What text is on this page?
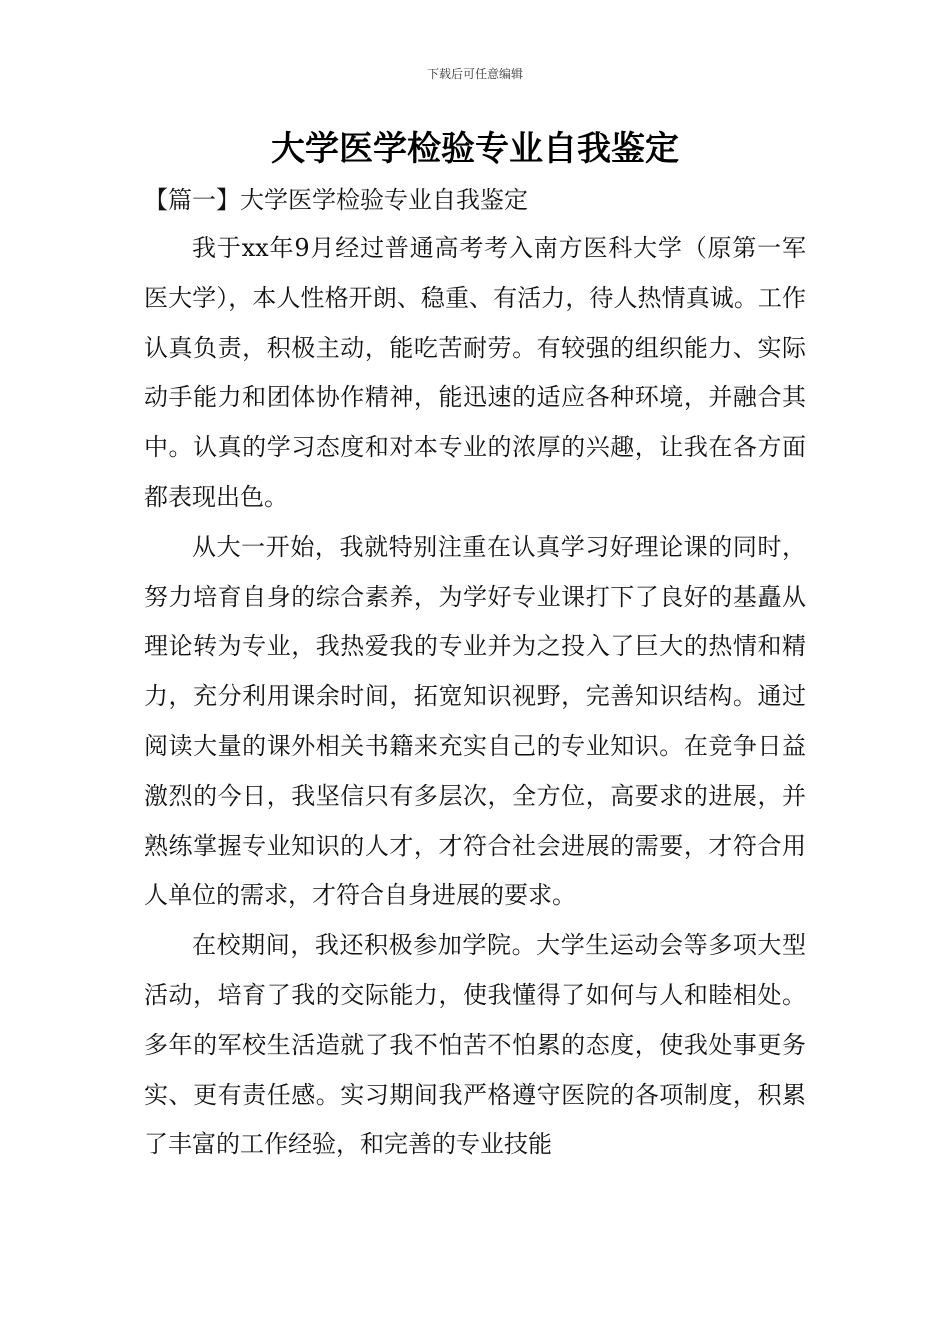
下载后可任意编辑
大学医学检验专业自我鉴定
【篇一】大学医学检验专业自我鉴定

我于xx年9月经过普通高考考入南方医科大学（原第一军医大学），本人性格开朗、稳重、有活力，待人热情真诚。工作认真负责，积极主动，能吃苦耐劳。有较强的组织能力、实际动手能力和团体协作精神，能迅速的适应各种环境，并融合其中。认真的学习态度和对本专业的浓厚的兴趣，让我在各方面都表现出色。

从大一开始，我就特别注重在认真学习好理论课的同时，努力培育自身的综合素养，为学好专业课打下了良好的基矗从理论转为专业，我热爱我的专业并为之投入了巨大的热情和精力，充分利用课余时间，拓宽知识视野，完善知识结构。通过阅读大量的课外相关书籍来充实自己的专业知识。在竞争日益激烈的今日，我坚信只有多层次，全方位，高要求的进展，并熟练掌握专业知识的人才，才符合社会进展的需要，才符合用人单位的需求，才符合自身进展的要求。

在校期间，我还积极参加学院。大学生运动会等多项大型活动，培育了我的交际能力，使我懂得了如何与人和睦相处。多年的军校生活造就了我不怕苦不怕累的态度，使我处事更务实、更有责任感。实习期间我严格遵守医院的各项制度，积累了丰富的工作经验，和完善的专业技能
